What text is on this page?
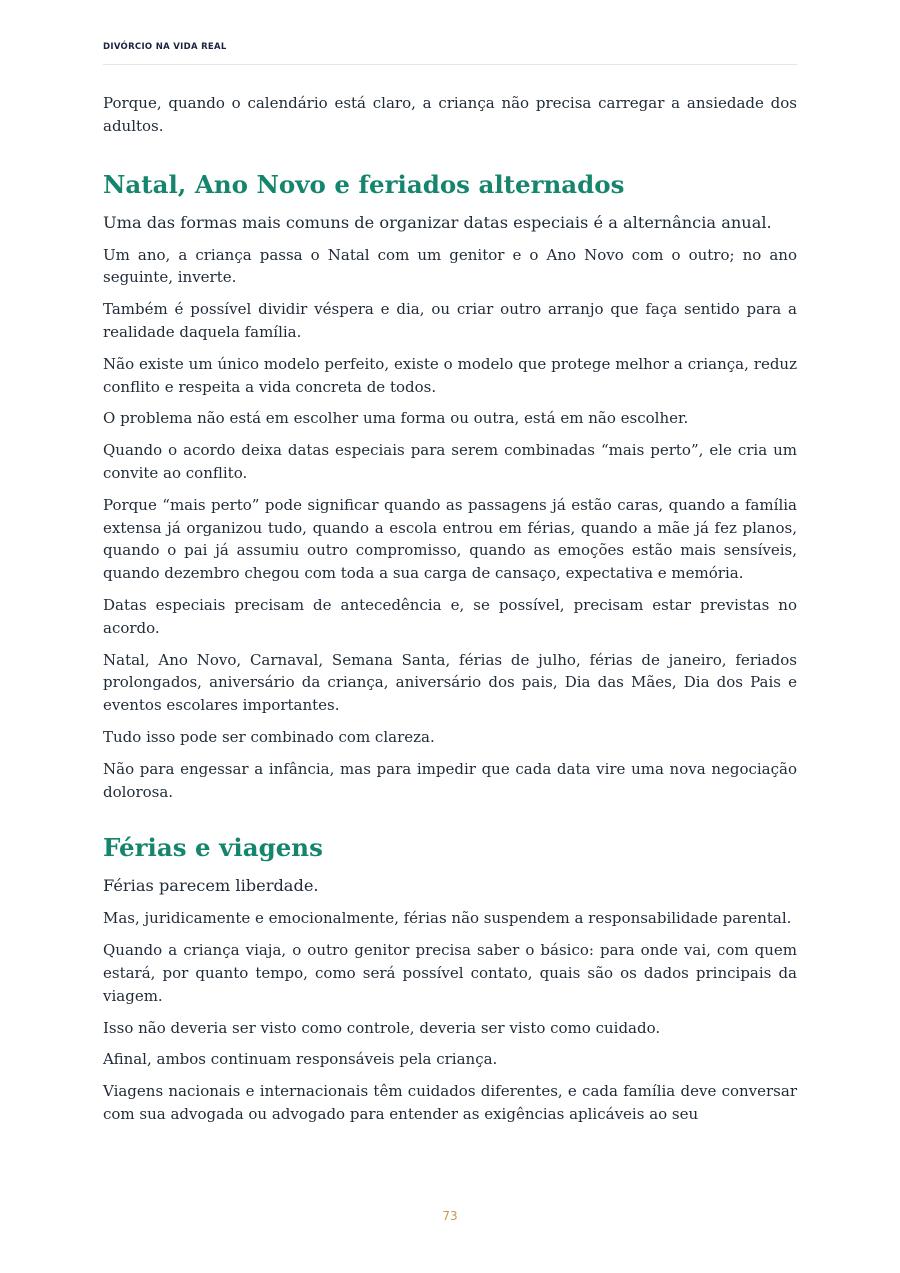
DIVÓRCIO NA VIDA REAL

Porque, quando o calendário está claro, a criança não precisa carregar a ansiedade dos adultos.

Natal, Ano Novo e feriados alternados

Uma das formas mais comuns de organizar datas especiais é a alternância anual.

Um ano, a criança passa o Natal com um genitor e o Ano Novo com o outro; no ano seguinte, inverte.

Também é possível dividir véspera e dia, ou criar outro arranjo que faça sentido para a realidade daquela família.

Não existe um único modelo perfeito, existe o modelo que protege melhor a criança, reduz conflito e respeita a vida concreta de todos.

O problema não está em escolher uma forma ou outra, está em não escolher.

Quando o acordo deixa datas especiais para serem combinadas “mais perto”, ele cria um convite ao conflito.

Porque “mais perto” pode significar quando as passagens já estão caras, quando a família extensa já organizou tudo, quando a escola entrou em férias, quando a mãe já fez planos, quando o pai já assumiu outro compromisso, quando as emoções estão mais sensíveis, quando dezembro chegou com toda a sua carga de cansaço, expectativa e memória.

Datas especiais precisam de antecedência e, se possível, precisam estar previstas no acordo.

Natal, Ano Novo, Carnaval, Semana Santa, férias de julho, férias de janeiro, feriados prolongados, aniversário da criança, aniversário dos pais, Dia das Mães, Dia dos Pais e eventos escolares importantes.

Tudo isso pode ser combinado com clareza.

Não para engessar a infância, mas para impedir que cada data vire uma nova negociação dolorosa.

Férias e viagens

Férias parecem liberdade.

Mas, juridicamente e emocionalmente, férias não suspendem a responsabilidade parental.

Quando a criança viaja, o outro genitor precisa saber o básico: para onde vai, com quem estará, por quanto tempo, como será possível contato, quais são os dados principais da viagem.

Isso não deveria ser visto como controle, deveria ser visto como cuidado.

Afinal, ambos continuam responsáveis pela criança.

Viagens nacionais e internacionais têm cuidados diferentes, e cada família deve conversar com sua advogada ou advogado para entender as exigências aplicáveis ao seu

73
